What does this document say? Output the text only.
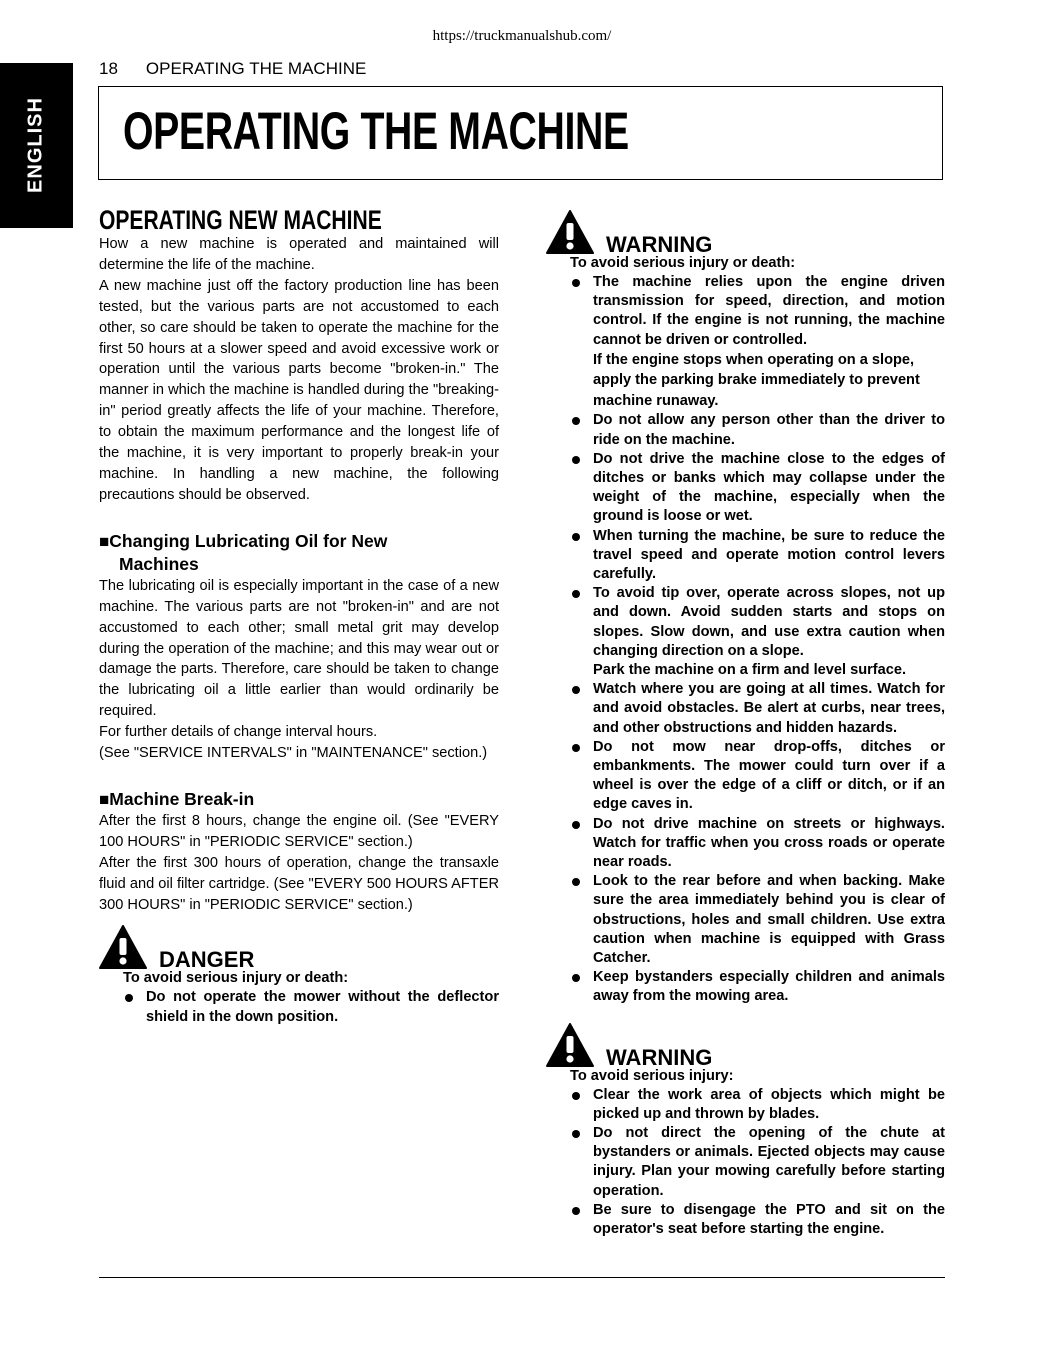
https://truckmanualshub.com/
ENGLISH
18 OPERATING THE MACHINE
OPERATING THE MACHINE
OPERATING NEW MACHINE

How a new machine is operated and maintained will determine the life of the machine.

A new machine just off the factory production line has been tested, but the various parts are not accustomed to each other, so care should be taken to operate the machine for the first 50 hours at a slower speed and avoid excessive work or operation until the various parts become "broken-in." The manner in which the machine is handled during the "breaking-in" period greatly affects the life of your machine. Therefore, to obtain the maximum performance and the longest life of the machine, it is very important to properly break-in your machine. In handling a new machine, the following precautions should be observed.

■Changing Lubricating Oil for New
Machines

The lubricating oil is especially important in the case of a new machine. The various parts are not "broken-in" and are not accustomed to each other; small metal grit may develop during the operation of the machine; and this may wear out or damage the parts. Therefore, care should be taken to change the lubricating oil a little earlier than would ordinarily be required.

For further details of change interval hours.

(See "SERVICE INTERVALS" in "MAINTENANCE" section.)

■Machine Break-in

After the first 8 hours, change the engine oil. (See "EVERY 100 HOURS" in "PERIODIC SERVICE" section.)

After the first 300 hours of operation, change the transaxle fluid and oil filter cartridge. (See "EVERY 500 HOURS AFTER 300 HOURS" in "PERIODIC SERVICE" section.)

DANGER
To avoid serious injury or death:
Do not operate the mower without the deflector shield in the down position.
WARNING
To avoid serious injury or death:
The machine relies upon the engine driven transmission for speed, direction, and motion control. If the engine is not running, the machine cannot be driven or controlled.
If the engine stops when operating on a slope, apply the parking brake immediately to prevent machine runaway.
Do not allow any person other than the driver to ride on the machine.
Do not drive the machine close to the edges of ditches or banks which may collapse under the weight of the machine, especially when the ground is loose or wet.
When turning the machine, be sure to reduce the travel speed and operate motion control levers carefully.
To avoid tip over, operate across slopes, not up and down. Avoid sudden starts and stops on slopes. Slow down, and use extra caution when changing direction on a slope.
Park the machine on a firm and level surface.
Watch where you are going at all times. Watch for and avoid obstacles. Be alert at curbs, near trees, and other obstructions and hidden hazards.
Do not mow near drop-offs, ditches or embankments. The mower could turn over if a wheel is over the edge of a cliff or ditch, or if an edge caves in.
Do not drive machine on streets or highways. Watch for traffic when you cross roads or operate near roads.
Look to the rear before and when backing. Make sure the area immediately behind you is clear of obstructions, holes and small children. Use extra caution when machine is equipped with Grass Catcher.
Keep bystanders especially children and animals away from the mowing area.
WARNING
To avoid serious injury:
Clear the work area of objects which might be picked up and thrown by blades.
Do not direct the opening of the chute at bystanders or animals. Ejected objects may cause injury. Plan your mowing carefully before starting operation.
Be sure to disengage the PTO and sit on the operator's seat before starting the engine.
